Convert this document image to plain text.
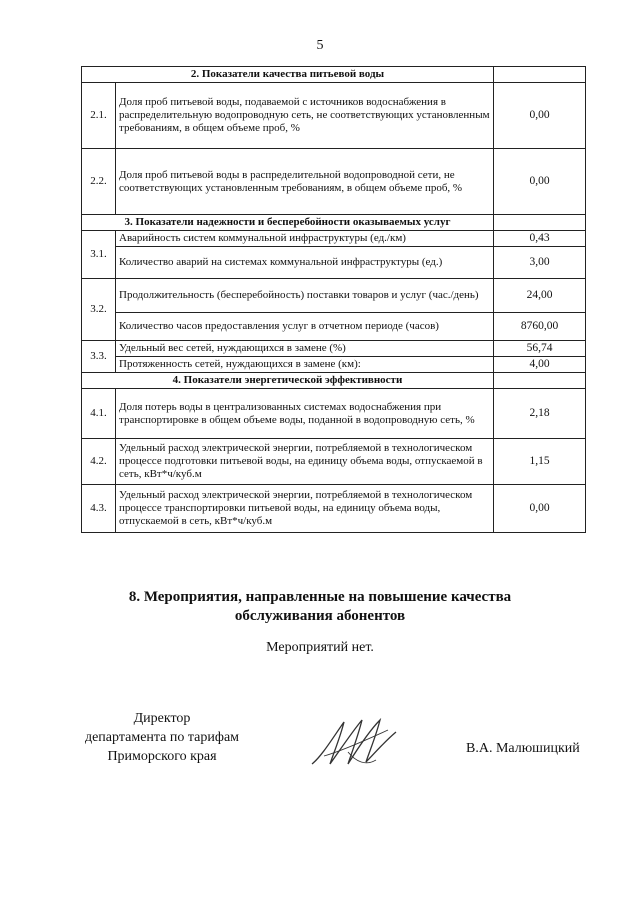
5
2. Показатели качества питьевой воды		
2.1.	Доля проб питьевой воды, подаваемой с источников водоснабжения в распределительную водопроводную сеть, не соответствующих установленным требованиям, в общем объеме проб, %	0,00
2.2.	Доля проб питьевой воды в распределительной водопроводной сети, не соответствующих установленным требованиям, в общем объеме проб, %	0,00
3. Показатели надежности и бесперебойности оказываемых услуг		
3.1.	Аварийность систем коммунальной инфраструктуры (ед./км)	0,43
	Количество аварий на системах коммунальной инфраструктуры (ед.)	3,00
3.2.	Продолжительность (бесперебойность) поставки товаров и услуг (час./день)	24,00
	Количество часов предоставления услуг в отчетном периоде (часов)	8760,00
3.3.	Удельный вес сетей, нуждающихся в замене (%)	56,74
	Протяженность сетей, нуждающихся в замене (км):	4,00
4. Показатели энергетической эффективности		
4.1.	Доля потерь воды в централизованных системах водоснабжения при транспортировке в общем объеме воды, поданной в водопроводную сеть, %	2,18
4.2.	Удельный расход электрической энергии, потребляемой в технологическом процессе подготовки питьевой воды, на единицу объема воды, отпускаемой в сеть, кВт*ч/куб.м	1,15
4.3.	Удельный расход электрической энергии, потребляемой в технологическом процессе транспортировки питьевой воды, на единицу объема воды, отпускаемой в сеть, кВт*ч/куб.м	0,00
8. Мероприятия, направленные на повышение качества
обслуживания абонентов
Мероприятий нет.
Директор
департамента по тарифам
Приморского края
В.А. Малюшицкий
